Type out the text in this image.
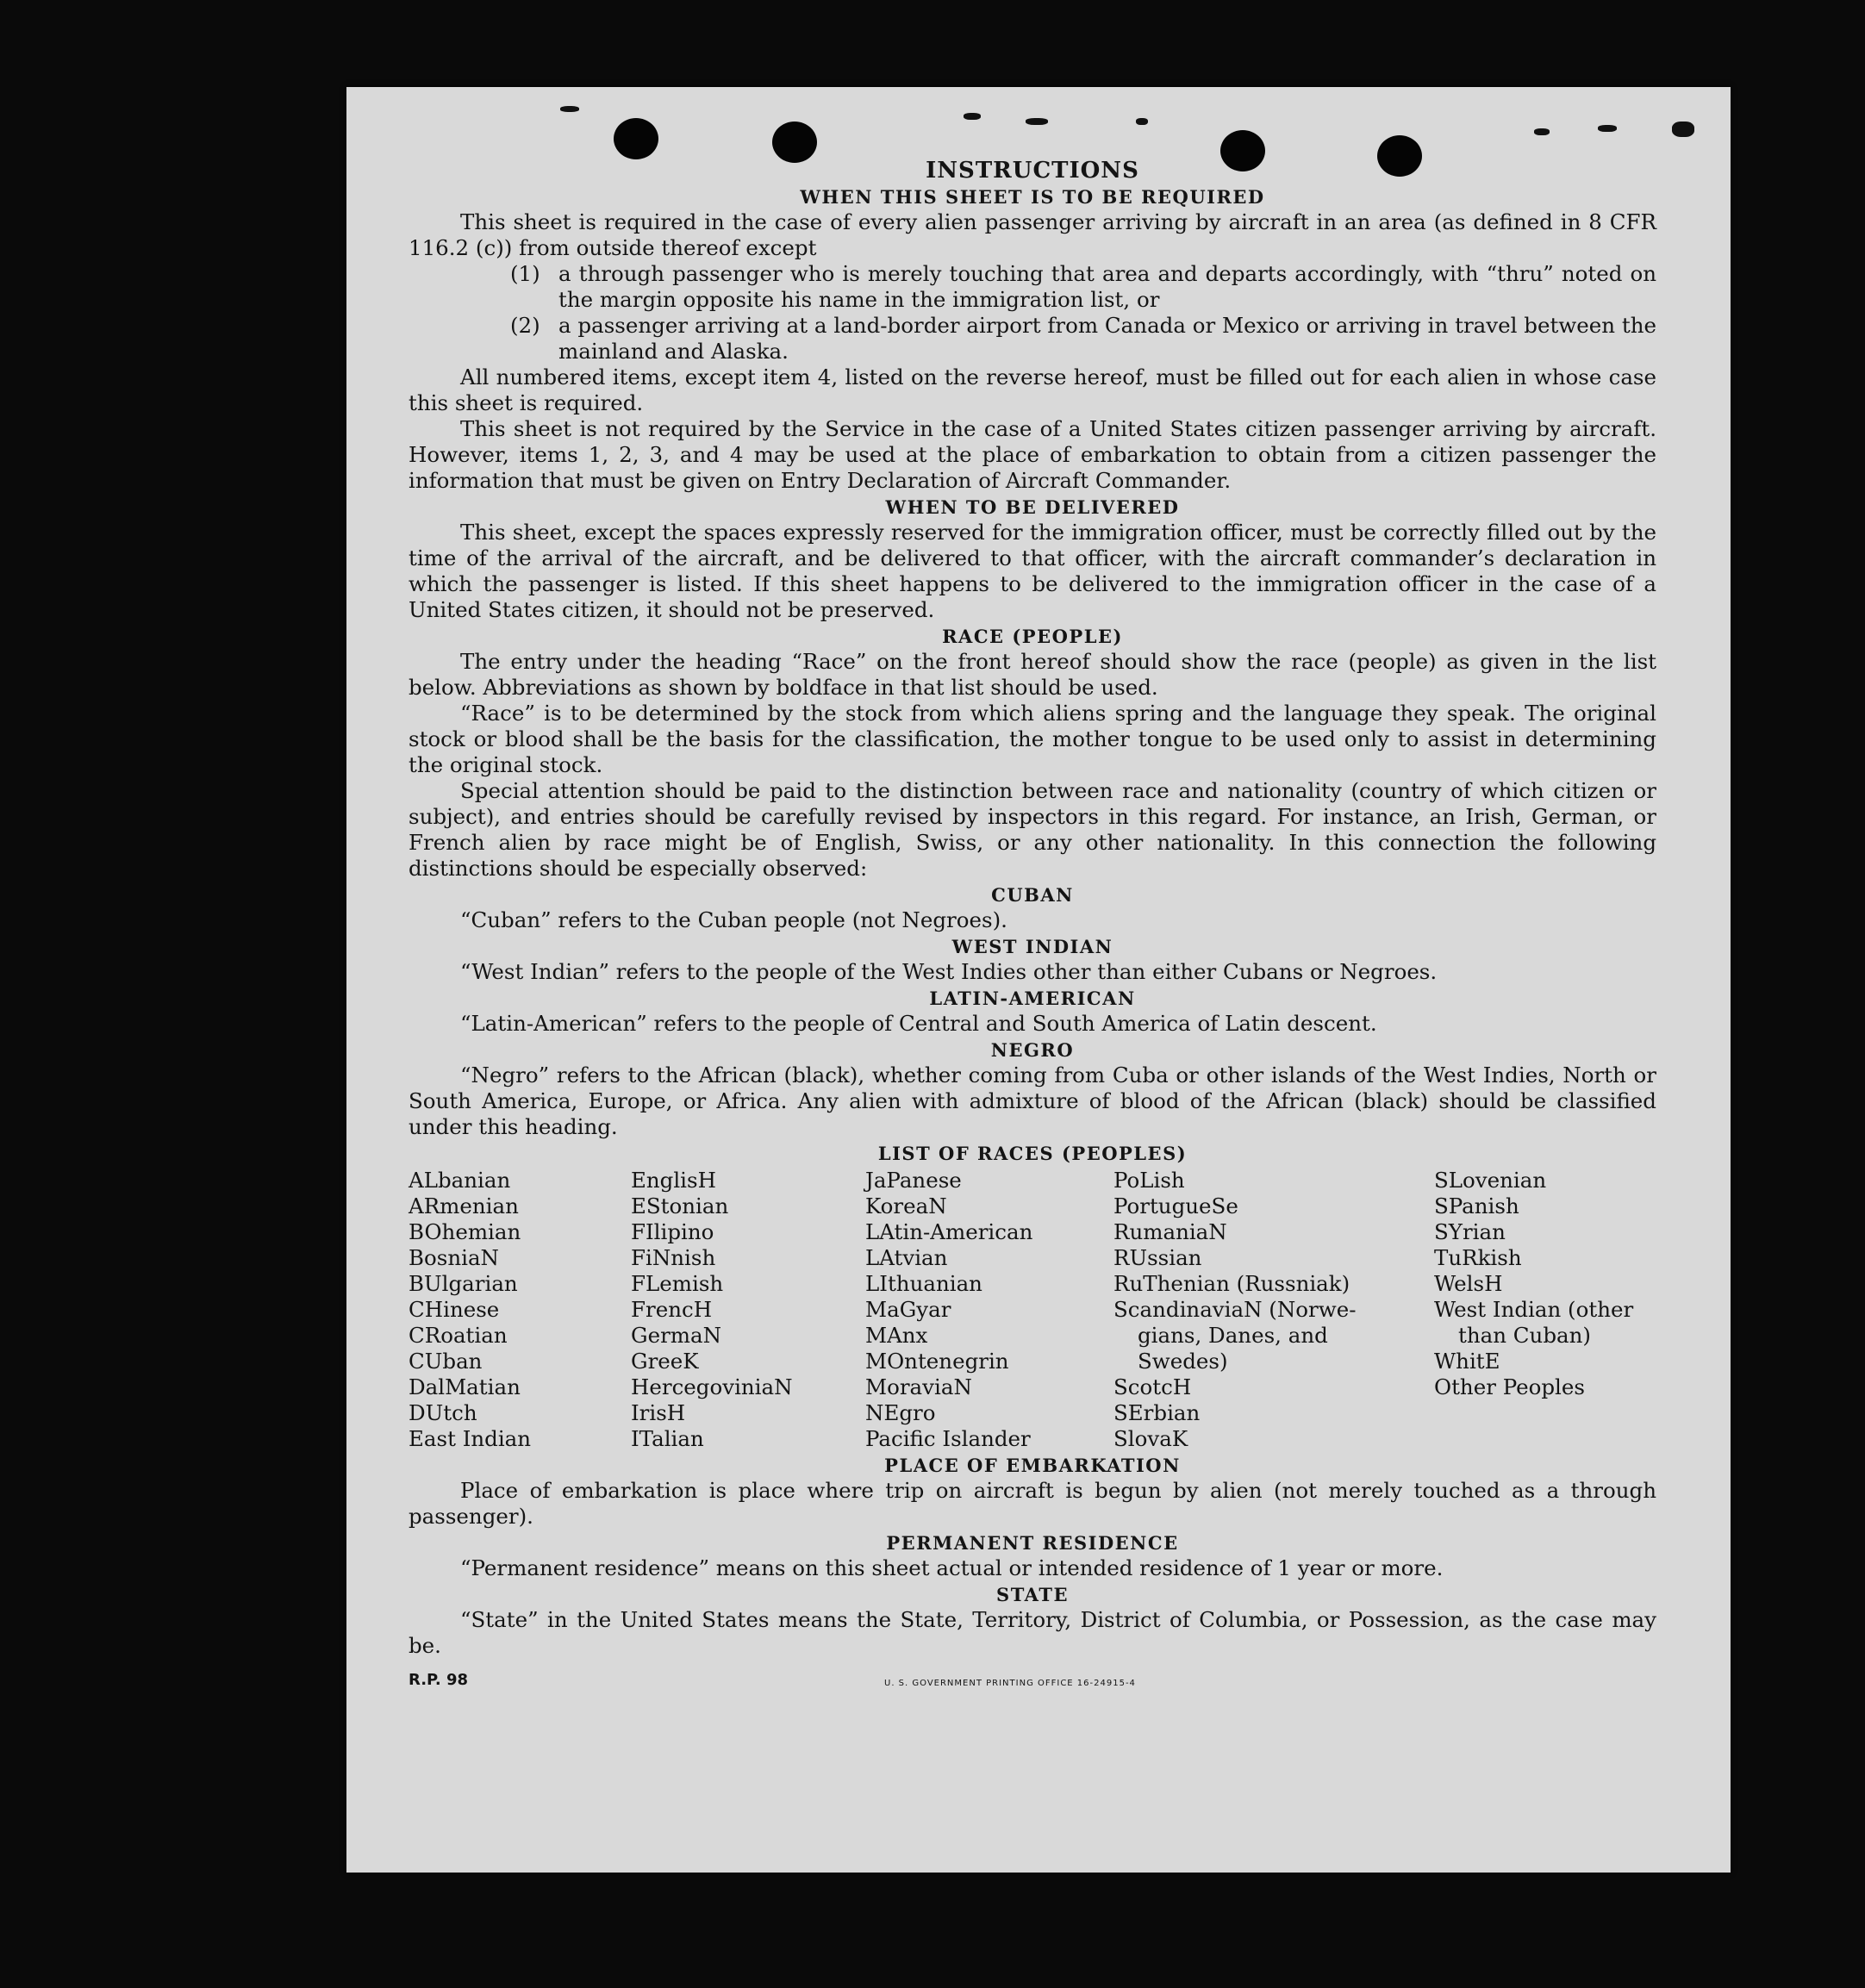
INSTRUCTIONS
WHEN THIS SHEET IS TO BE REQUIRED

This sheet is required in the case of every alien passenger arriving by aircraft in an area (as defined in 8 CFR 116.2 (c)) from outside thereof except

(1) a through passenger who is merely touching that area and departs accordingly, with “thru” noted on the margin opposite his name in the immigration list, or
(2) a passenger arriving at a land-border airport from Canada or Mexico or arriving in travel between the mainland and Alaska.

All numbered items, except item 4, listed on the reverse hereof, must be filled out for each alien in whose case this sheet is required.

This sheet is not required by the Service in the case of a United States citizen passenger arriving by aircraft. However, items 1, 2, 3, and 4 may be used at the place of embarkation to obtain from a citizen passenger the information that must be given on Entry Declaration of Aircraft Commander.

WHEN TO BE DELIVERED

This sheet, except the spaces expressly reserved for the immigration officer, must be correctly filled out by the time of the arrival of the aircraft, and be delivered to that officer, with the aircraft commander’s declaration in which the passenger is listed. If this sheet happens to be delivered to the immigration officer in the case of a United States citizen, it should not be preserved.

RACE (PEOPLE)

The entry under the heading “Race” on the front hereof should show the race (people) as given in the list below. Abbreviations as shown by boldface in that list should be used.

“Race” is to be determined by the stock from which aliens spring and the language they speak. The original stock or blood shall be the basis for the classification, the mother tongue to be used only to assist in determining the original stock.

Special attention should be paid to the distinction between race and nationality (country of which citizen or subject), and entries should be carefully revised by inspectors in this regard. For instance, an Irish, German, or French alien by race might be of English, Swiss, or any other nationality. In this connection the following distinctions should be especially observed:

CUBAN

“Cuban” refers to the Cuban people (not Negroes).

WEST INDIAN

“West Indian” refers to the people of the West Indies other than either Cubans or Negroes.

LATIN-AMERICAN

“Latin-American” refers to the people of Central and South America of Latin descent.

NEGRO

“Negro” refers to the African (black), whether coming from Cuba or other islands of the West Indies, North or South America, Europe, or Africa. Any alien with admixture of blood of the African (black) should be classified under this heading.

LIST OF RACES (PEOPLES)
ALbanian
ARmenian
BOhemian
BosniaN
BUlgarian
CHinese
CRoatian
CUban
DalMatian
DUtch
East Indian
EnglisH
EStonian
FIlipino
FiNnish
FLemish
FrencH
GermaN
GreeK
HercegoviniaN
IrisH
ITalian
JaPanese
KoreaN
LAtin-American
LAtvian
LIthuanian
MaGyar
MAnx
MOntenegrin
MoraviaN
NEgro
Pacific Islander
PoLish
PortugueSe
RumaniaN
RUssian
RuThenian (Russniak)
ScandinaviaN (Norwe-
gians, Danes, and
Swedes)
ScotcH
SErbian
SlovaK
SLovenian
SPanish
SYrian
TuRkish
WelsH
West Indian (other
than Cuban)
WhitE
Other Peoples
PLACE OF EMBARKATION

Place of embarkation is place where trip on aircraft is begun by alien (not merely touched as a through passenger).

PERMANENT RESIDENCE

“Permanent residence” means on this sheet actual or intended residence of 1 year or more.

STATE

“State” in the United States means the State, Territory, District of Columbia, or Possession, as the case may be.

R.P. 98	U. S. GOVERNMENT PRINTING OFFICE 16-24915-4
